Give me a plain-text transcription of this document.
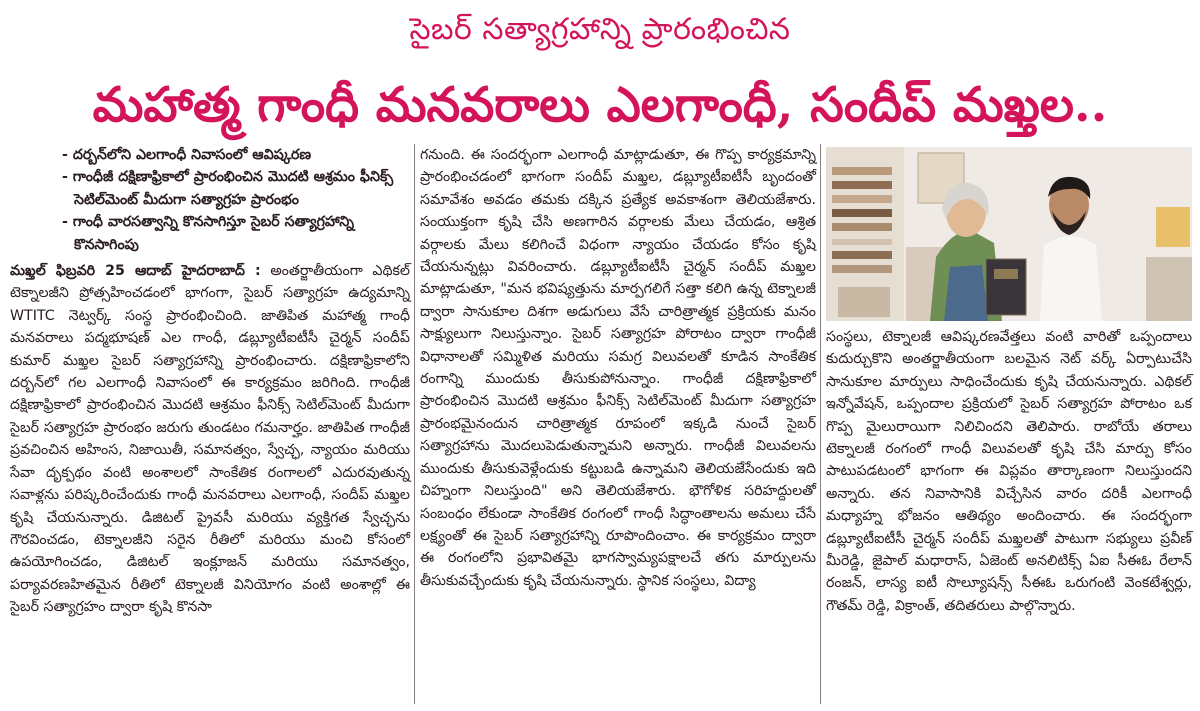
సైబర్ సత్యాగ్రహాన్ని ప్రారంభించిన
మహాత్మ గాంధీ మనవరాలు ఎలగాంధీ, సందీప్ మఖ్తల..
- దర్బన్‌లోని ఎలగాంధీ నివాసంలో ఆవిష్కరణ
- గాంధీజీ దక్షిణాఫ్రికాలో ప్రారంభించిన మొదటి ఆశ్రమం ఫీనిక్స్ సెటిల్‌మెంట్ మీదుగా సత్యాగ్రహ ప్రారంభం
- గాంధీ వారసత్వాన్ని కొనసాగిస్తూ సైబర్ సత్యాగ్రహాన్ని కొనసాగింపు

మఖ్తల్ ఫిబ్రవరి 25 ఆదాబ్ హైదరాబాద్ : అంతర్జాతీయంగా ఎథికల్ టెక్నాలజీని ప్రోత్సహించడంలో భాగంగా, సైబర్ సత్యాగ్రహ ఉద్యమాన్ని WTITC నెట్వర్క్ సంస్థ ప్రారంభించింది. జాతిపిత మహాత్మ గాంధీ మనవరాలు పద్మభూషణ్ ఎల గాంధీ, డబ్ల్యూటీఐటీసీ చైర్మన్ సందీప్ కుమార్ మఖ్తల సైబర్ సత్యాగ్రహాన్ని ప్రారంభించారు. దక్షిణాఫ్రికాలోని దర్బన్‌లో గల ఎలగాంధీ నివాసంలో ఈ కార్యక్రమం జరిగింది. గాంధీజీ దక్షిణాఫ్రికాలో ప్రారంభించిన మొదటి ఆశ్రమం ఫీనిక్స్ సెటిల్‌మెంట్ మీదుగా సైబర్ సత్యాగ్రహ ప్రారంభం జరుగు తుండటం గమనార్హం. జాతిపిత గాంధీజీ ప్రవచించిన అహింస, నిజాయితీ, సమానత్వం, స్వేచ్ఛ, న్యాయం మరియు సేవా దృక్పథం వంటి అంశాలలో సాంకేతిక రంగాలలో ఎదురవుతున్న సవాళ్లను పరిష్కరించేందుకు గాంధీ మనవరాలు ఎలగాంధీ, సందీప్ మఖ్తల కృషి చేయనున్నారు. డిజిటల్ ప్రైవసీ మరియు వ్యక్తిగత స్వేచ్ఛను గౌరవించడం, టెక్నాలజీని సరైన రీతిలో మరియు మంచి కోసంలో ఉపయోగించడం, డిజిటల్ ఇంక్లూజన్ మరియు సమానత్వం, పర్యావరణహితమైన రీతిలో టెక్నాలజీ వినియోగం వంటి అంశాల్లో ఈ సైబర్ సత్యాగ్రహం ద్వారా కృషి కొనసా

గనుంది. ఈ సందర్భంగా ఎలగాంధీ మాట్లాడుతూ, ఈ గొప్ప కార్యక్రమాన్ని ప్రారంభించడంలో భాగంగా సందీప్ మఖ్తల, డబ్ల్యూటీఐటీసీ బృందంతో సమావేశం అవడం తమకు దక్కిన ప్రత్యేక అవకాశంగా తెలియజేశారు. సంయుక్తంగా కృషి చేసి అణగారిన వర్గాలకు మేలు చేయడం, ఆశ్రిత వర్గాలకు మేలు కలిగించే విధంగా న్యాయం చేయడం కోసం కృషి చేయనున్నట్లు వివరించారు. డబ్ల్యూటీఐటీసీ చైర్మన్ సందీప్ మఖ్తల మాట్లాడుతూ, "మన భవిష్యత్తును మార్పగలిగే సత్తా కలిగి ఉన్న టెక్నాలజీ ద్వారా సానుకూల దిశగా అడుగులు వేసే చారిత్రాత్మక ప్రక్రియకు మనం సాక్ష్యులుగా నిలుస్తున్నాం. సైబర్ సత్యాగ్రహ పోరాటం ద్వారా గాంధీజీ విధానాలతో సమ్మిళిత మరియు సమగ్ర విలువలతో కూడిన సాంకేతిక రంగాన్ని ముందుకు తీసుకుపోనున్నాం. గాంధీజీ దక్షిణాఫ్రికాలో ప్రారంభించిన మొదటి ఆశ్రమం ఫీనిక్స్ సెటిల్‌మెంట్ మీదుగా సత్యాగ్రహ ప్రారంభమైనందున చారిత్రాత్మక రూపంలో ఇక్కడి నుంచే సైబర్ సత్యాగ్రహాను మొదలుపెడుతున్నామని అన్నారు. గాంధీజీ విలువలను ముందుకు తీసుకువెళ్లేందుకు కట్టుబడి ఉన్నామని తెలియజేసేందుకు ఇది చిహ్నంగా నిలుస్తుంది" అని తెలియజేశారు. భౌగోళిక సరిహద్దులతో సంబంధం లేకుండా సాంకేతిక రంగంలో గాంధీ సిద్ధాంతాలను అమలు చేసే లక్ష్యంతో ఈ సైబర్ సత్యాగ్రహాన్ని రూపొందించాం. ఈ కార్యక్రమం ద్వారా ఈ రంగంలోని ప్రభావితమై భాగస్వామ్యపక్షాలచే తగు మార్పులను తీసుకువచ్చేందుకు కృషి చేయనున్నారు. స్థానిక సంస్థలు, విద్యా

సంస్థలు, టెక్నాలజీ ఆవిష్కరణవేత్తలు వంటి వారితో ఒప్పందాలు కుదుర్చుకొని అంతర్జాతీయంగా బలమైన నెట్ వర్క్ ఏర్పాటుచేసి సానుకూల మార్పులు సాధించేందుకు కృషి చేయనున్నారు. ఎథికల్ ఇన్నోవేషన్, ఒప్పందాల ప్రక్రియలో సైబర్ సత్యాగ్రహ పోరాటం ఒక గొప్ప మైలురాయిగా నిలిచిందని తెలిపారు. రాబోయే తరాలు టెక్నాలజీ రంగంలో గాంధీ విలువలతో కృషి చేసి మార్పు కోసం పాటుపడటంలో భాగంగా ఈ విప్లవం తార్కాణంగా నిలుస్తుందని అన్నారు. తన నివాసానికి విచ్చేసిన వారం దరికీ ఎలగాంధీ మధ్యాహ్న భోజనం ఆతిథ్యం అందించారు. ఈ సందర్భంగా డబ్ల్యూటీఐటీసీ చైర్మన్ సందీప్ మఖ్తలతో పాటుగా సభ్యులు ప్రవీణ్ మీరెడ్డి, జైపాల్ మధారాస్, ఏజెంట్ అనలిటిక్స్ ఏఐ సీఈఓ రేలాన్ రంజన్, లాస్య ఐటీ సొల్యూషన్స్ సీఈఓ ఒరుగంటి వెంకటేశ్వర్లు, గౌతమ్ రెడ్డి, విక్రాంత్, తదితరులు పాల్గొన్నారు.
